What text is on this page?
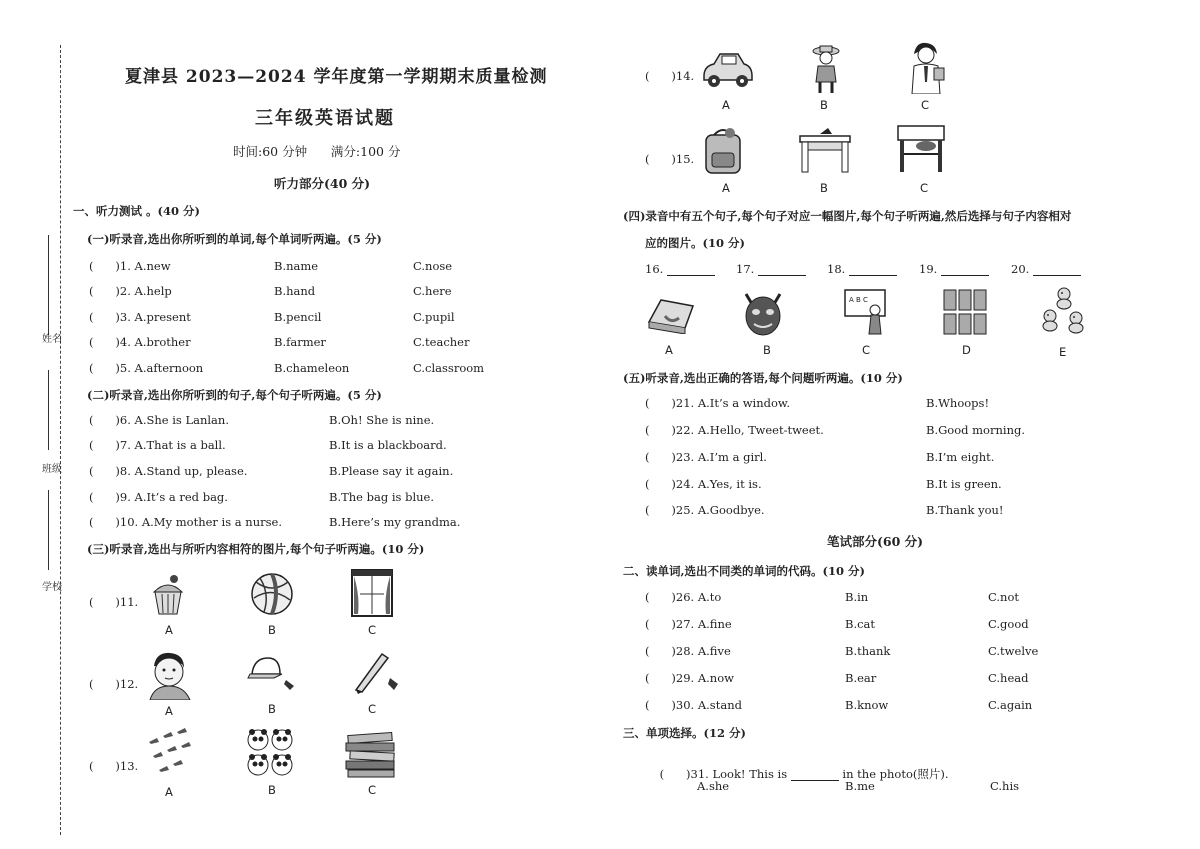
姓名
班级
学校
夏津县 2023—2024 学年度第一学期期末质量检测
三年级英语试题
时间:60 分钟      满分:100 分
听力部分(40 分)
一、听力测试 。(40 分)
(一)听录音,选出你所听到的单词,每个单词听两遍。(5 分)
(      )1. A.new	B.name	C.nose
(      )2. A.help	B.hand	C.here
(      )3. A.present	B.pencil	C.pupil
(      )4. A.brother	B.farmer	C.teacher
(      )5. A.afternoon	B.chameleon	C.classroom
(二)听录音,选出你所听到的句子,每个句子听两遍。(5 分)
(      )6. A.She is Lanlan.	B.Oh! She is nine.
(      )7. A.That is a ball.	B.It is a blackboard.
(      )8. A.Stand up, please.	B.Please say it again.
(      )9. A.It’s a red bag.	B.The bag is blue.
(      )10. A.My mother is a nurse.	B.Here’s my grandma.
(三)听录音,选出与所听内容相符的图片,每个句子听两遍。(10 分)
(      )11.
A	B	C
(      )12.
A	B	C
(      )13.
A	B	C
(      )14.
A	B	C
(      )15.
A	B	C
(四)录音中有五个句子,每个句子对应一幅图片,每个句子听两遍,然后选择与句子内容相对
应的图片。(10 分)
16.	17.	18.	19.	20.
A B C
A	B	C	D	E
(五)听录音,选出正确的答语,每个问题听两遍。(10 分)
(      )21. A.It’s a window.	B.Whoops!
(      )22. A.Hello, Tweet-tweet.	B.Good morning.
(      )23. A.I’m a girl.	B.I’m eight.
(      )24. A.Yes, it is.	B.It is green.
(      )25. A.Goodbye.	B.Thank you!
笔试部分(60 分)
二、读单词,选出不同类的单词的代码。(10 分)
(      )26. A.to	B.in	C.not
(      )27. A.fine	B.cat	C.good
(      )28. A.five	B.thank	C.twelve
(      )29. A.now	B.ear	C.head
(      )30. A.stand	B.know	C.again
三、单项选择。(12 分)

(      )31. Look! This is	in the photo(照片).

A.she	B.me	C.his
